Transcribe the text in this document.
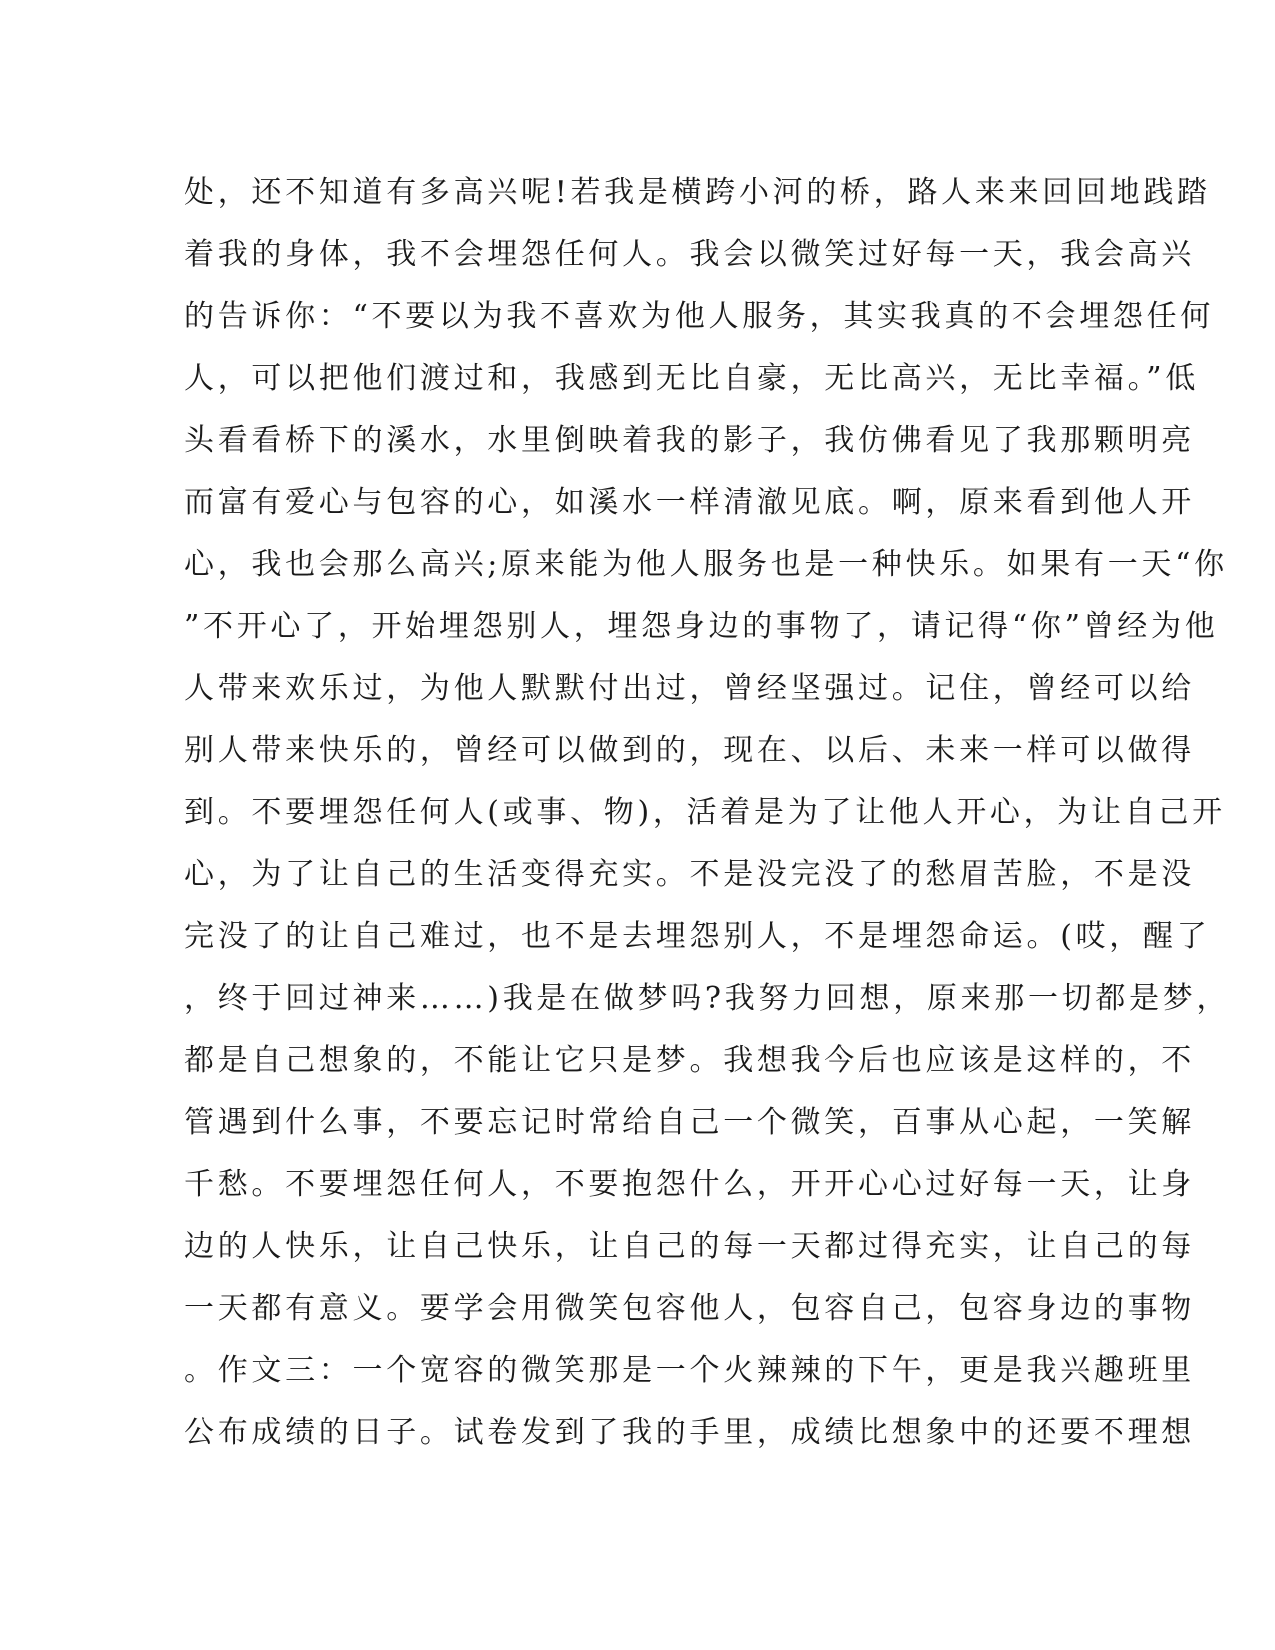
处，还不知道有多高兴呢!若我是横跨小河的桥，路人来来回回地践踏
着我的身体，我不会埋怨任何人。我会以微笑过好每一天，我会高兴
的告诉你：“不要以为我不喜欢为他人服务，其实我真的不会埋怨任何
人，可以把他们渡过和，我感到无比自豪，无比高兴，无比幸福。”低
头看看桥下的溪水，水里倒映着我的影子，我仿佛看见了我那颗明亮
而富有爱心与包容的心，如溪水一样清澈见底。啊，原来看到他人开
心，我也会那么高兴;原来能为他人服务也是一种快乐。如果有一天“你
”不开心了，开始埋怨别人，埋怨身边的事物了，请记得“你”曾经为他
人带来欢乐过，为他人默默付出过，曾经坚强过。记住，曾经可以给
别人带来快乐的，曾经可以做到的，现在、以后、未来一样可以做得
到。不要埋怨任何人(或事、物)，活着是为了让他人开心，为让自己开
心，为了让自己的生活变得充实。不是没完没了的愁眉苦脸，不是没
完没了的让自己难过，也不是去埋怨别人，不是埋怨命运。(哎，醒了
，终于回过神来……)我是在做梦吗?我努力回想，原来那一切都是梦，
都是自己想象的，不能让它只是梦。我想我今后也应该是这样的，不
管遇到什么事，不要忘记时常给自己一个微笑，百事从心起，一笑解
千愁。不要埋怨任何人，不要抱怨什么，开开心心过好每一天，让身
边的人快乐，让自己快乐，让自己的每一天都过得充实，让自己的每
一天都有意义。要学会用微笑包容他人，包容自己，包容身边的事物
。作文三：一个宽容的微笑那是一个火辣辣的下午，更是我兴趣班里
公布成绩的日子。试卷发到了我的手里，成绩比想象中的还要不理想
